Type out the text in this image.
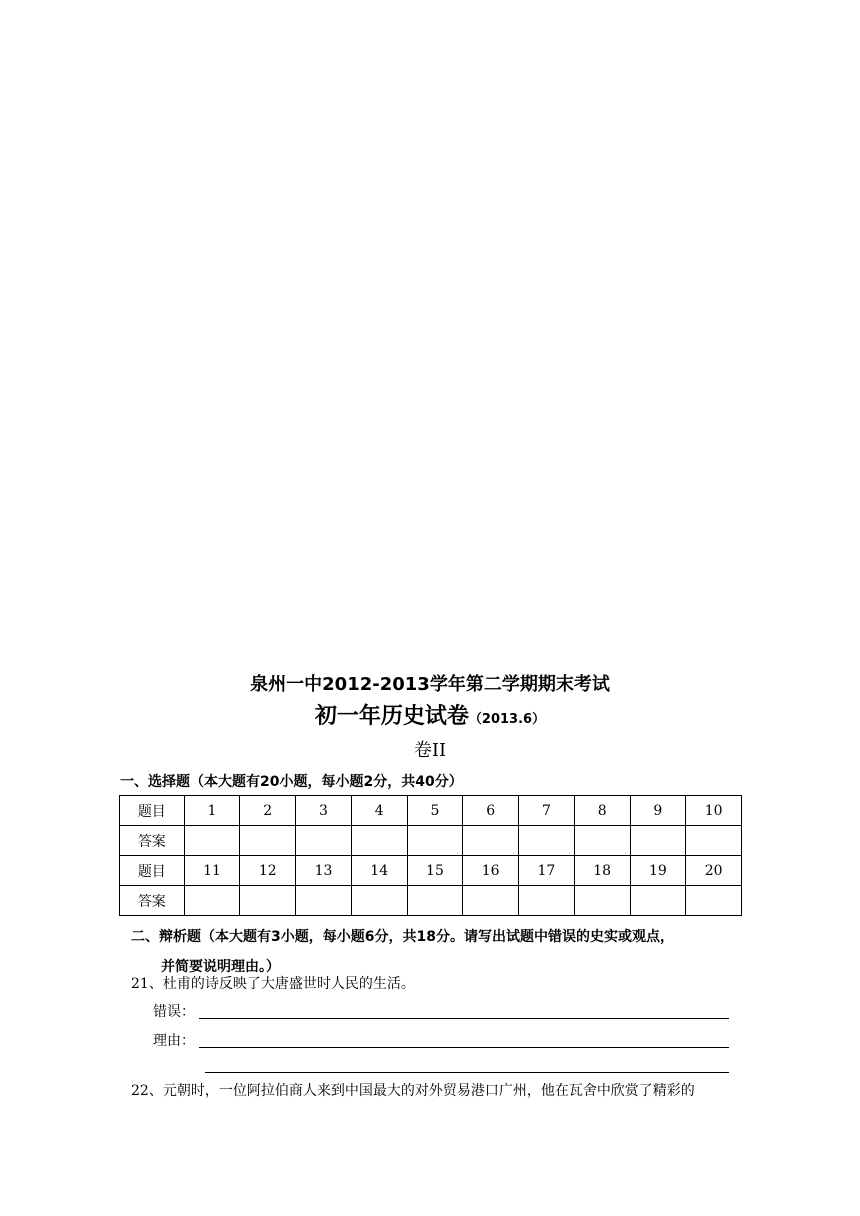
泉州一中2012-2013学年第二学期期末考试
初一年历史试卷（2013.6）
卷II
一、选择题（本大题有20小题，每小题2分，共40分）
题目	1	2	3	4	5	6	7	8	9	10
答案										
题目	11	12	13	14	15	16	17	18	19	20
答案										
二、辩析题（本大题有3小题，每小题6分，共18分。请写出试题中错误的史实或观点，
并简要说明理由。）
21、杜甫的诗反映了大唐盛世时人民的生活。
错误：
理由：
22、元朝时，一位阿拉伯商人来到中国最大的对外贸易港口广州，他在瓦舍中欣赏了精彩的
